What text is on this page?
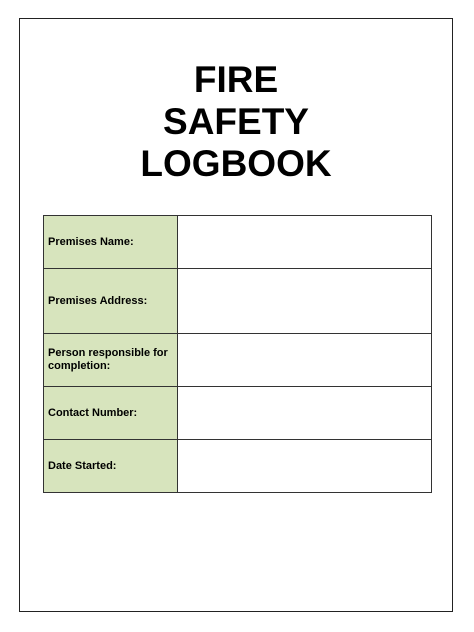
FIRE
SAFETY
LOGBOOK
Premises Name:	
Premises Address:	
Person responsible for completion:	
Contact Number:	
Date Started:	
